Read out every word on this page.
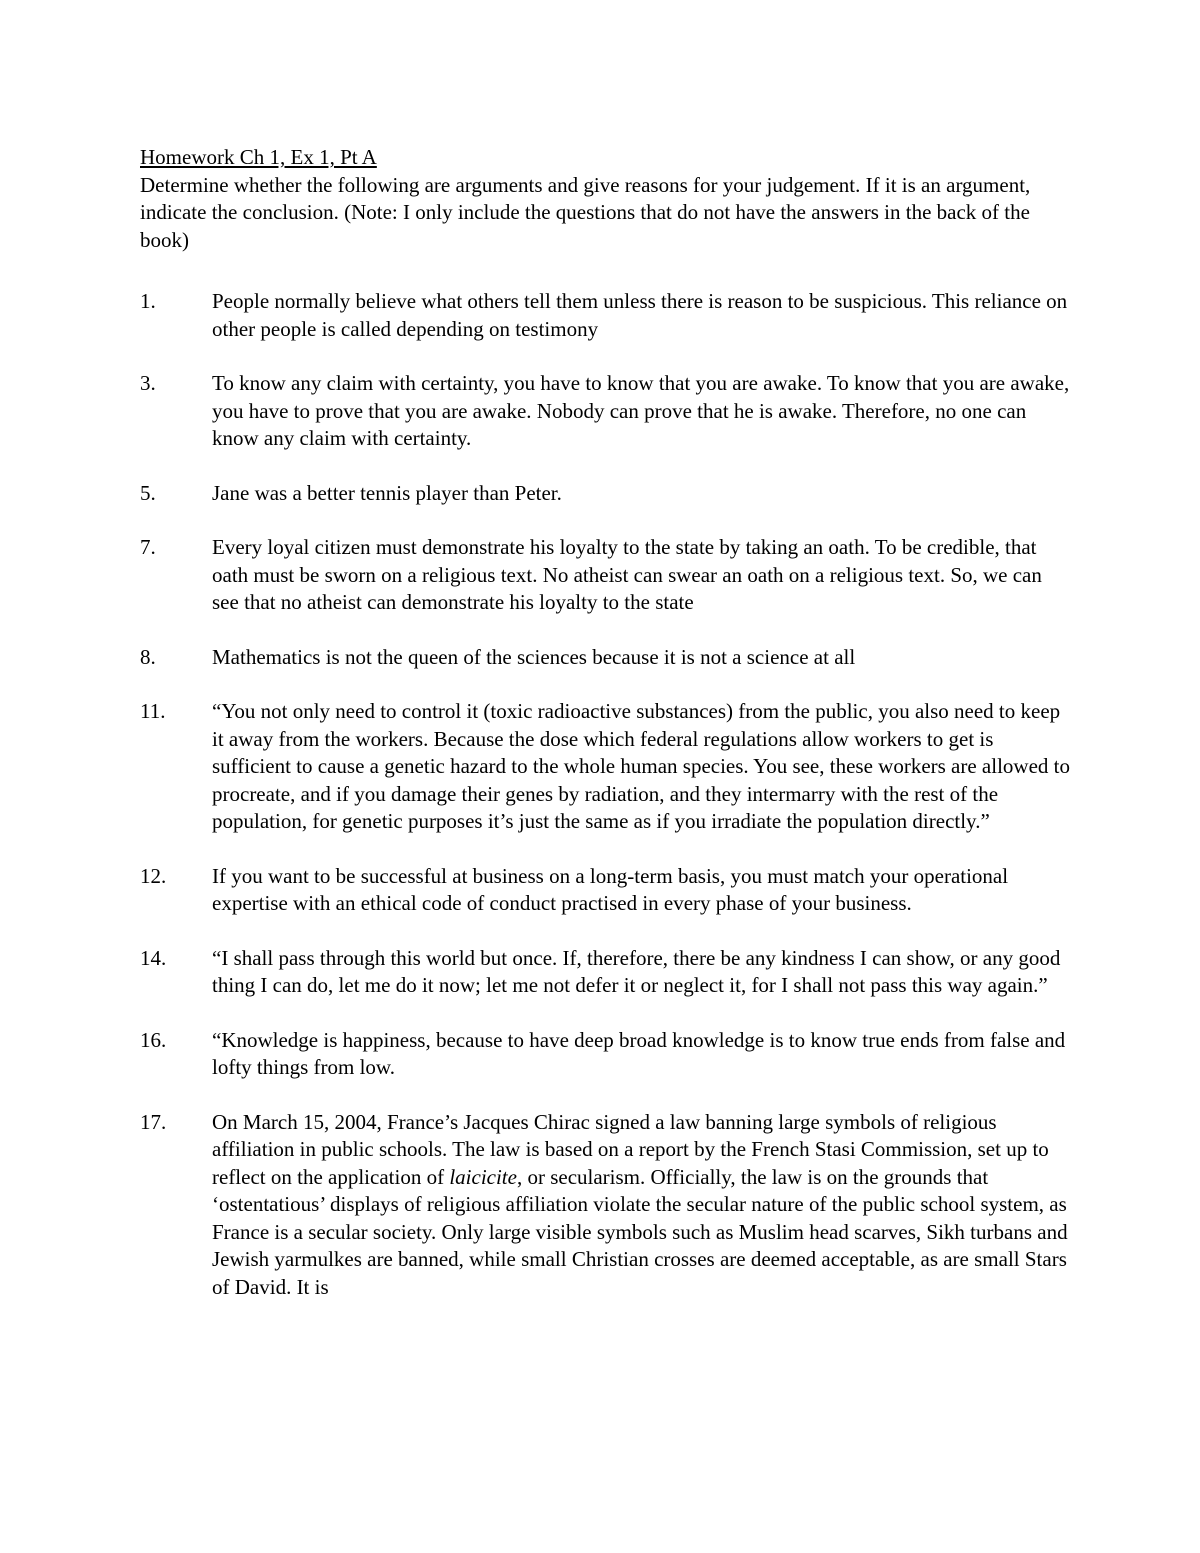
Homework Ch 1, Ex 1, Pt A

Determine whether the following are arguments and give reasons for your judgement. If it is an argument, indicate the conclusion. (Note: I only include the questions that do not have the answers in the back of the book)

1.	People normally believe what others tell them unless there is reason to be suspicious. This reliance on other people is called depending on testimony
3.	To know any claim with certainty, you have to know that you are awake. To know that you are awake, you have to prove that you are awake. Nobody can prove that he is awake. Therefore, no one can know any claim with certainty.
5.	Jane was a better tennis player than Peter.
7.	Every loyal citizen must demonstrate his loyalty to the state by taking an oath. To be credible, that oath must be sworn on a religious text. No atheist can swear an oath on a religious text. So, we can see that no atheist can demonstrate his loyalty to the state
8.	Mathematics is not the queen of the sciences because it is not a science at all
11.	“You not only need to control it (toxic radioactive substances) from the public, you also need to keep it away from the workers. Because the dose which federal regulations allow workers to get is sufficient to cause a genetic hazard to the whole human species. You see, these workers are allowed to procreate, and if you damage their genes by radiation, and they intermarry with the rest of the population, for genetic purposes it’s just the same as if you irradiate the population directly.”
12.	If you want to be successful at business on a long-term basis, you must match your operational expertise with an ethical code of conduct practised in every phase of your business.
14.	“I shall pass through this world but once. If, therefore, there be any kindness I can show, or any good thing I can do, let me do it now; let me not defer it or neglect it, for I shall not pass this way again.”
16.	“Knowledge is happiness, because to have deep broad knowledge is to know true ends from false and lofty things from low.
17.	On March 15, 2004, France’s Jacques Chirac signed a law banning large symbols of religious affiliation in public schools. The law is based on a report by the French Stasi Commission, set up to reflect on the application of laicicite, or secularism. Officially, the law is on the grounds that ‘ostentatious’ displays of religious affiliation violate the secular nature of the public school system, as France is a secular society. Only large visible symbols such as Muslim head scarves, Sikh turbans and Jewish yarmulkes are banned, while small Christian crosses are deemed acceptable, as are small Stars of David. It is
